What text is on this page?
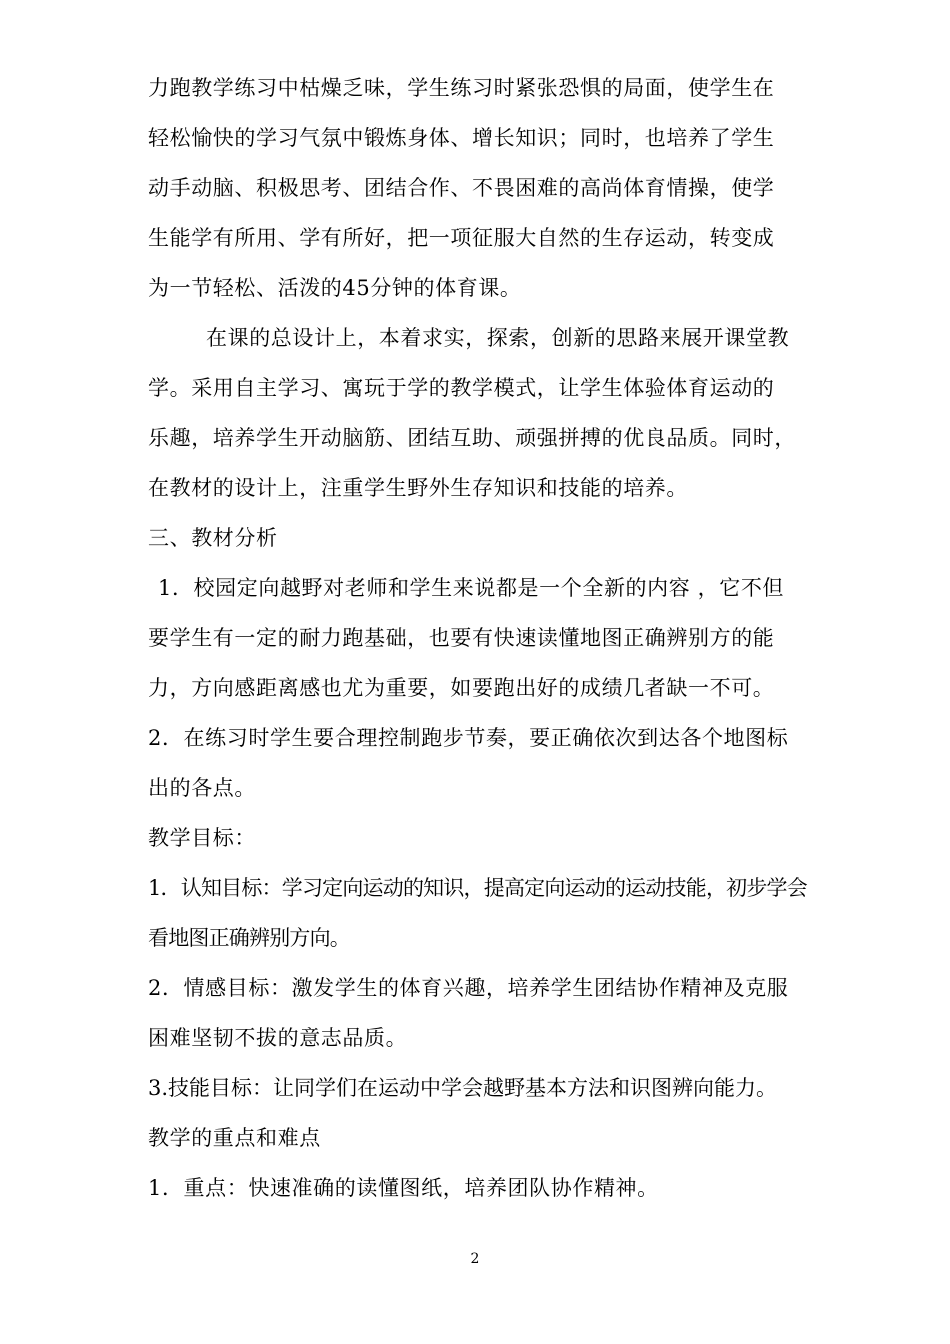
力跑教学练习中枯燥乏味，学生练习时紧张恐惧的局面，使学生在
轻松愉快的学习气氛中锻炼身体、增长知识；同时，也培养了学生
动手动脑、积极思考、团结合作、不畏困难的高尚体育情操，使学
生能学有所用、学有所好，把一项征服大自然的生存运动，转变成
为一节轻松、活泼的45分钟的体育课。
在课的总设计上，本着求实，探索，创新的思路来展开课堂教
学。采用自主学习、寓玩于学的教学模式，让学生体验体育运动的
乐趣，培养学生开动脑筋、团结互助、顽强拼搏的优良品质。同时，
在教材的设计上，注重学生野外生存知识和技能的培养。
三、教材分析
1．校园定向越野对老师和学生来说都是一个全新的内容 ，它不但
要学生有一定的耐力跑基础，也要有快速读懂地图正确辨别方的能
力，方向感距离感也尤为重要，如要跑出好的成绩几者缺一不可。
2．在练习时学生要合理控制跑步节奏，要正确依次到达各个地图标
出的各点。
教学目标：
1．认知目标：学习定向运动的知识，提高定向运动的运动技能，初步学会
看地图正确辨别方向。
2．情感目标：激发学生的体育兴趣，培养学生团结协作精神及克服
困难坚韧不拔的意志品质。
3.技能目标：让同学们在运动中学会越野基本方法和识图辨向能力。
教学的重点和难点
1．重点：快速准确的读懂图纸，培养团队协作精神。
2
